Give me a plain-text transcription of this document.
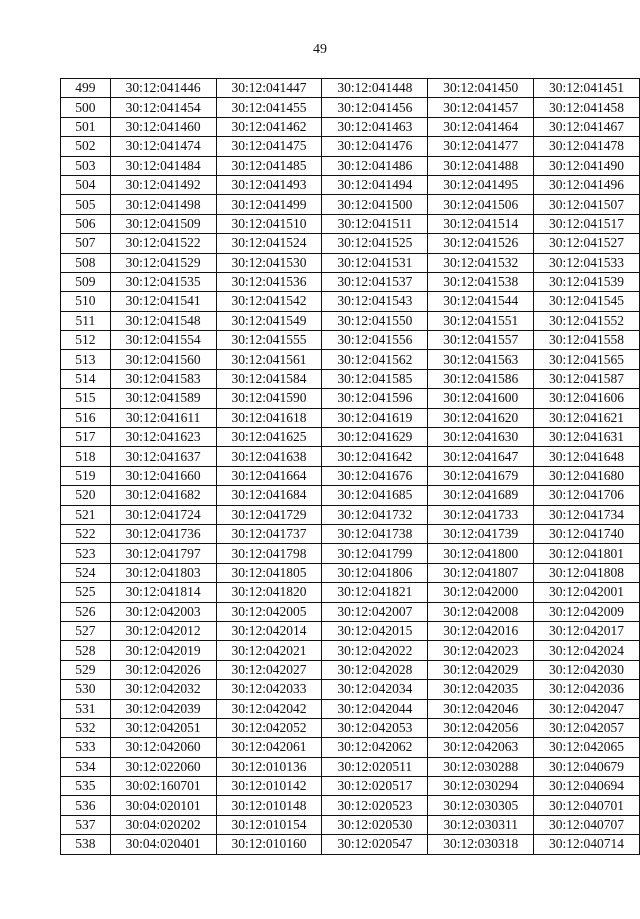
49
499	30:12:041446	30:12:041447	30:12:041448	30:12:041450	30:12:041451
500	30:12:041454	30:12:041455	30:12:041456	30:12:041457	30:12:041458
501	30:12:041460	30:12:041462	30:12:041463	30:12:041464	30:12:041467
502	30:12:041474	30:12:041475	30:12:041476	30:12:041477	30:12:041478
503	30:12:041484	30:12:041485	30:12:041486	30:12:041488	30:12:041490
504	30:12:041492	30:12:041493	30:12:041494	30:12:041495	30:12:041496
505	30:12:041498	30:12:041499	30:12:041500	30:12:041506	30:12:041507
506	30:12:041509	30:12:041510	30:12:041511	30:12:041514	30:12:041517
507	30:12:041522	30:12:041524	30:12:041525	30:12:041526	30:12:041527
508	30:12:041529	30:12:041530	30:12:041531	30:12:041532	30:12:041533
509	30:12:041535	30:12:041536	30:12:041537	30:12:041538	30:12:041539
510	30:12:041541	30:12:041542	30:12:041543	30:12:041544	30:12:041545
511	30:12:041548	30:12:041549	30:12:041550	30:12:041551	30:12:041552
512	30:12:041554	30:12:041555	30:12:041556	30:12:041557	30:12:041558
513	30:12:041560	30:12:041561	30:12:041562	30:12:041563	30:12:041565
514	30:12:041583	30:12:041584	30:12:041585	30:12:041586	30:12:041587
515	30:12:041589	30:12:041590	30:12:041596	30:12:041600	30:12:041606
516	30:12:041611	30:12:041618	30:12:041619	30:12:041620	30:12:041621
517	30:12:041623	30:12:041625	30:12:041629	30:12:041630	30:12:041631
518	30:12:041637	30:12:041638	30:12:041642	30:12:041647	30:12:041648
519	30:12:041660	30:12:041664	30:12:041676	30:12:041679	30:12:041680
520	30:12:041682	30:12:041684	30:12:041685	30:12:041689	30:12:041706
521	30:12:041724	30:12:041729	30:12:041732	30:12:041733	30:12:041734
522	30:12:041736	30:12:041737	30:12:041738	30:12:041739	30:12:041740
523	30:12:041797	30:12:041798	30:12:041799	30:12:041800	30:12:041801
524	30:12:041803	30:12:041805	30:12:041806	30:12:041807	30:12:041808
525	30:12:041814	30:12:041820	30:12:041821	30:12:042000	30:12:042001
526	30:12:042003	30:12:042005	30:12:042007	30:12:042008	30:12:042009
527	30:12:042012	30:12:042014	30:12:042015	30:12:042016	30:12:042017
528	30:12:042019	30:12:042021	30:12:042022	30:12:042023	30:12:042024
529	30:12:042026	30:12:042027	30:12:042028	30:12:042029	30:12:042030
530	30:12:042032	30:12:042033	30:12:042034	30:12:042035	30:12:042036
531	30:12:042039	30:12:042042	30:12:042044	30:12:042046	30:12:042047
532	30:12:042051	30:12:042052	30:12:042053	30:12:042056	30:12:042057
533	30:12:042060	30:12:042061	30:12:042062	30:12:042063	30:12:042065
534	30:12:022060	30:12:010136	30:12:020511	30:12:030288	30:12:040679
535	30:02:160701	30:12:010142	30:12:020517	30:12:030294	30:12:040694
536	30:04:020101	30:12:010148	30:12:020523	30:12:030305	30:12:040701
537	30:04:020202	30:12:010154	30:12:020530	30:12:030311	30:12:040707
538	30:04:020401	30:12:010160	30:12:020547	30:12:030318	30:12:040714
